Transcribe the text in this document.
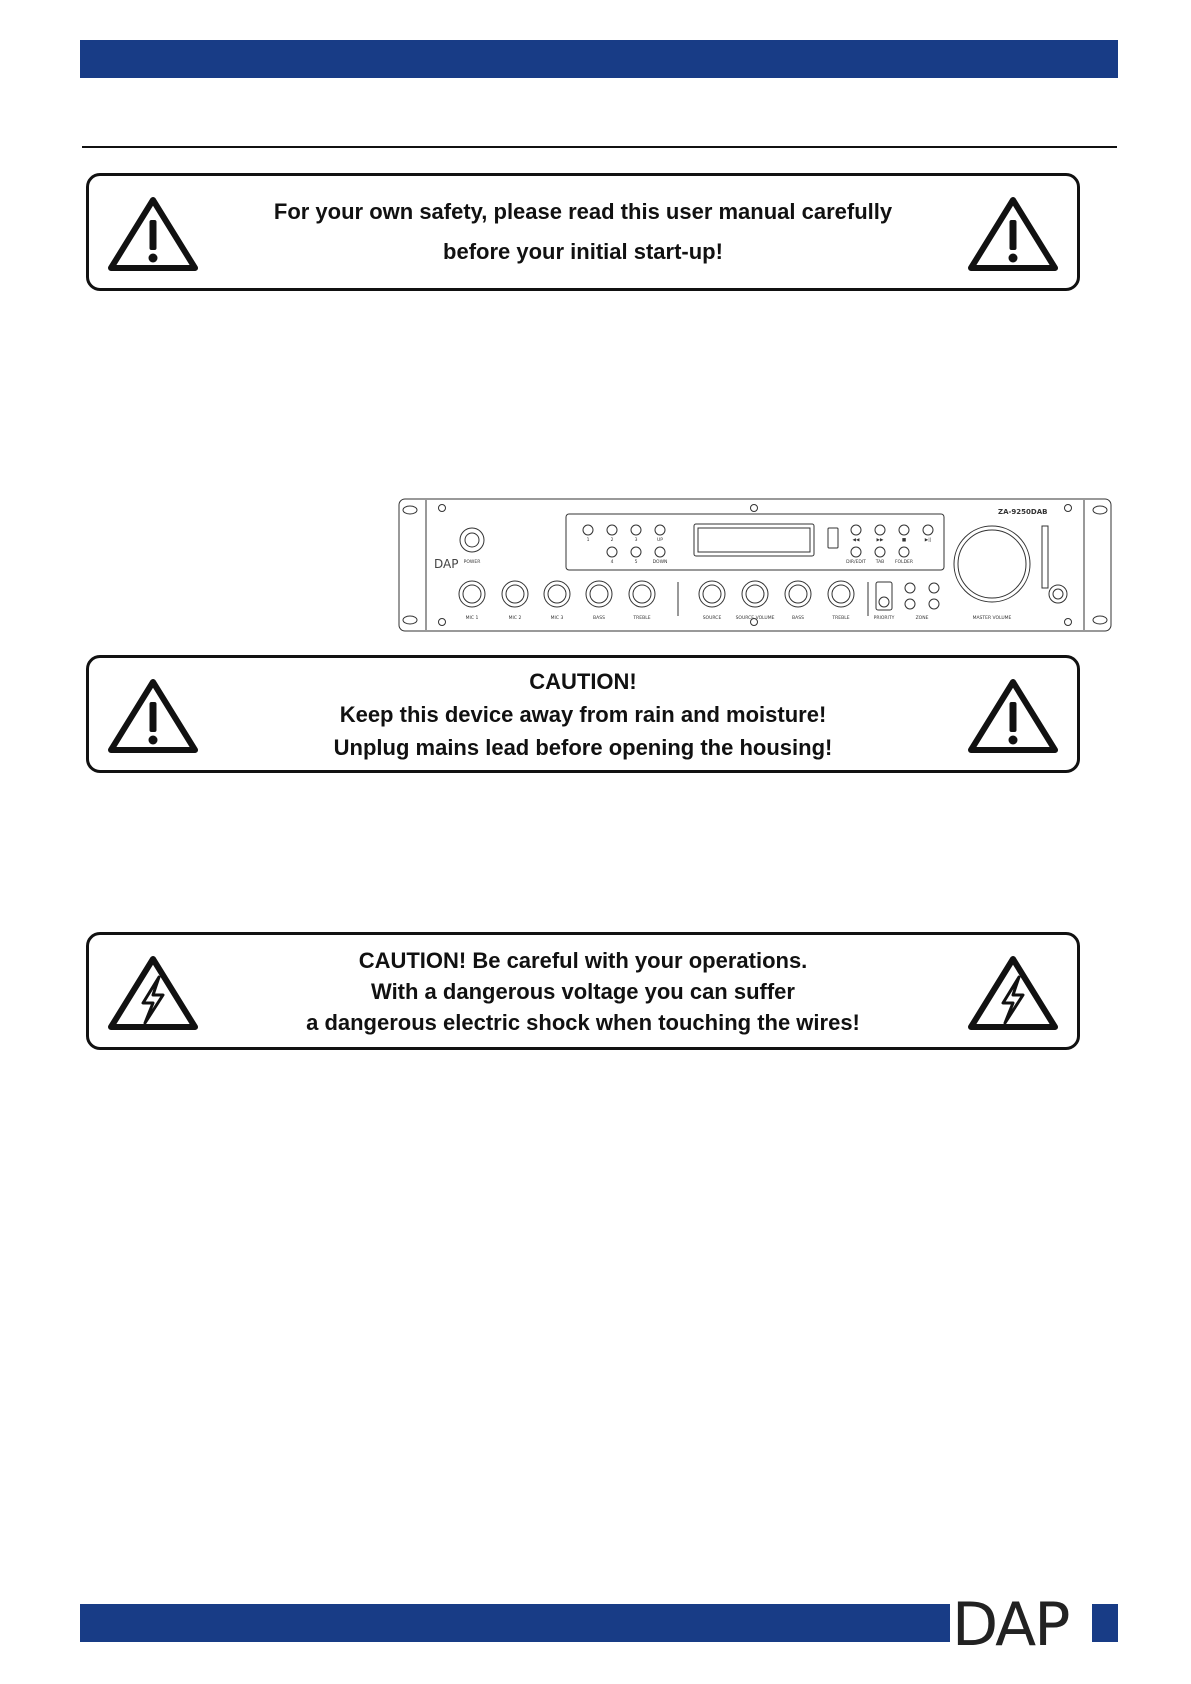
For your own safety, please read this user manual carefully
before your initial start-up!
1	2	3	UP
4	5	DOWN
◀◀	▶▶	■	▶||
DIR/EDIT TAB FOLDER
POWER
DAP
ZA-9250DAB
MIC 1	MIC 2	MIC 3	BASS	TREBLE	SOURCE	SOURCE VOLUME	BASS	TREBLE	PRIORITY	ZONE	MASTER VOLUME
CAUTION!
Keep this device away from rain and moisture!
Unplug mains lead before opening the housing!
CAUTION! Be careful with your operations.
With a dangerous voltage you can suffer
a dangerous electric shock when touching the wires!
DAP
